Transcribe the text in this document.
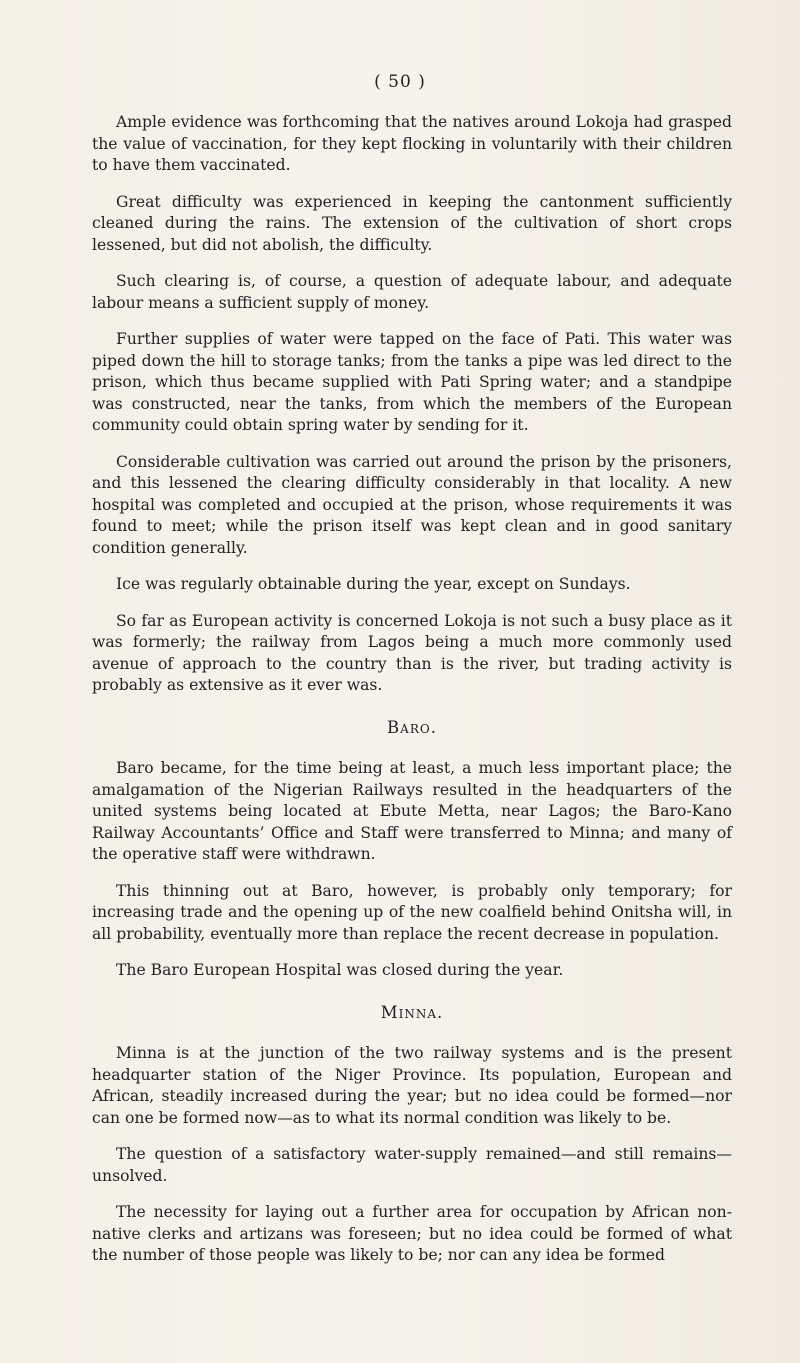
( 50 )

Ample evidence was forthcoming that the natives around Lokoja had grasped the value of vaccination, for they kept flocking in voluntarily with their children to have them vaccinated.

Great difficulty was experienced in keeping the cantonment sufficiently cleaned during the rains. The extension of the cultivation of short crops lessened, but did not abolish, the difficulty.

Such clearing is, of course, a question of adequate labour, and adequate labour means a sufficient supply of money.

Further supplies of water were tapped on the face of Pati. This water was piped down the hill to storage tanks; from the tanks a pipe was led direct to the prison, which thus became supplied with Pati Spring water; and a standpipe was constructed, near the tanks, from which the members of the European community could obtain spring water by sending for it.

Considerable cultivation was carried out around the prison by the prisoners, and this lessened the clearing difficulty considerably in that locality. A new hospital was completed and occupied at the prison, whose requirements it was found to meet; while the prison itself was kept clean and in good sanitary condition generally.

Ice was regularly obtainable during the year, except on Sundays.

So far as European activity is concerned Lokoja is not such a busy place as it was formerly; the railway from Lagos being a much more commonly used avenue of approach to the country than is the river, but trading activity is probably as extensive as it ever was.

Baro.

Baro became, for the time being at least, a much less important place; the amalgamation of the Nigerian Railways resulted in the headquarters of the united systems being located at Ebute Metta, near Lagos; the Baro-Kano Railway Accountants’ Office and Staff were transferred to Minna; and many of the operative staff were withdrawn.

This thinning out at Baro, however, is probably only temporary; for increasing trade and the opening up of the new coalfield behind Onitsha will, in all probability, eventually more than replace the recent decrease in population.

The Baro European Hospital was closed during the year.

Minna.

Minna is at the junction of the two railway systems and is the present headquarter station of the Niger Province. Its population, European and African, steadily increased during the year; but no idea could be formed—nor can one be formed now—as to what its normal condition was likely to be.

The question of a satisfactory water-supply remained—and still remains—unsolved.

The necessity for laying out a further area for occupation by African non-native clerks and artizans was foreseen; but no idea could be formed of what the number of those people was likely to be; nor can any idea be formed
